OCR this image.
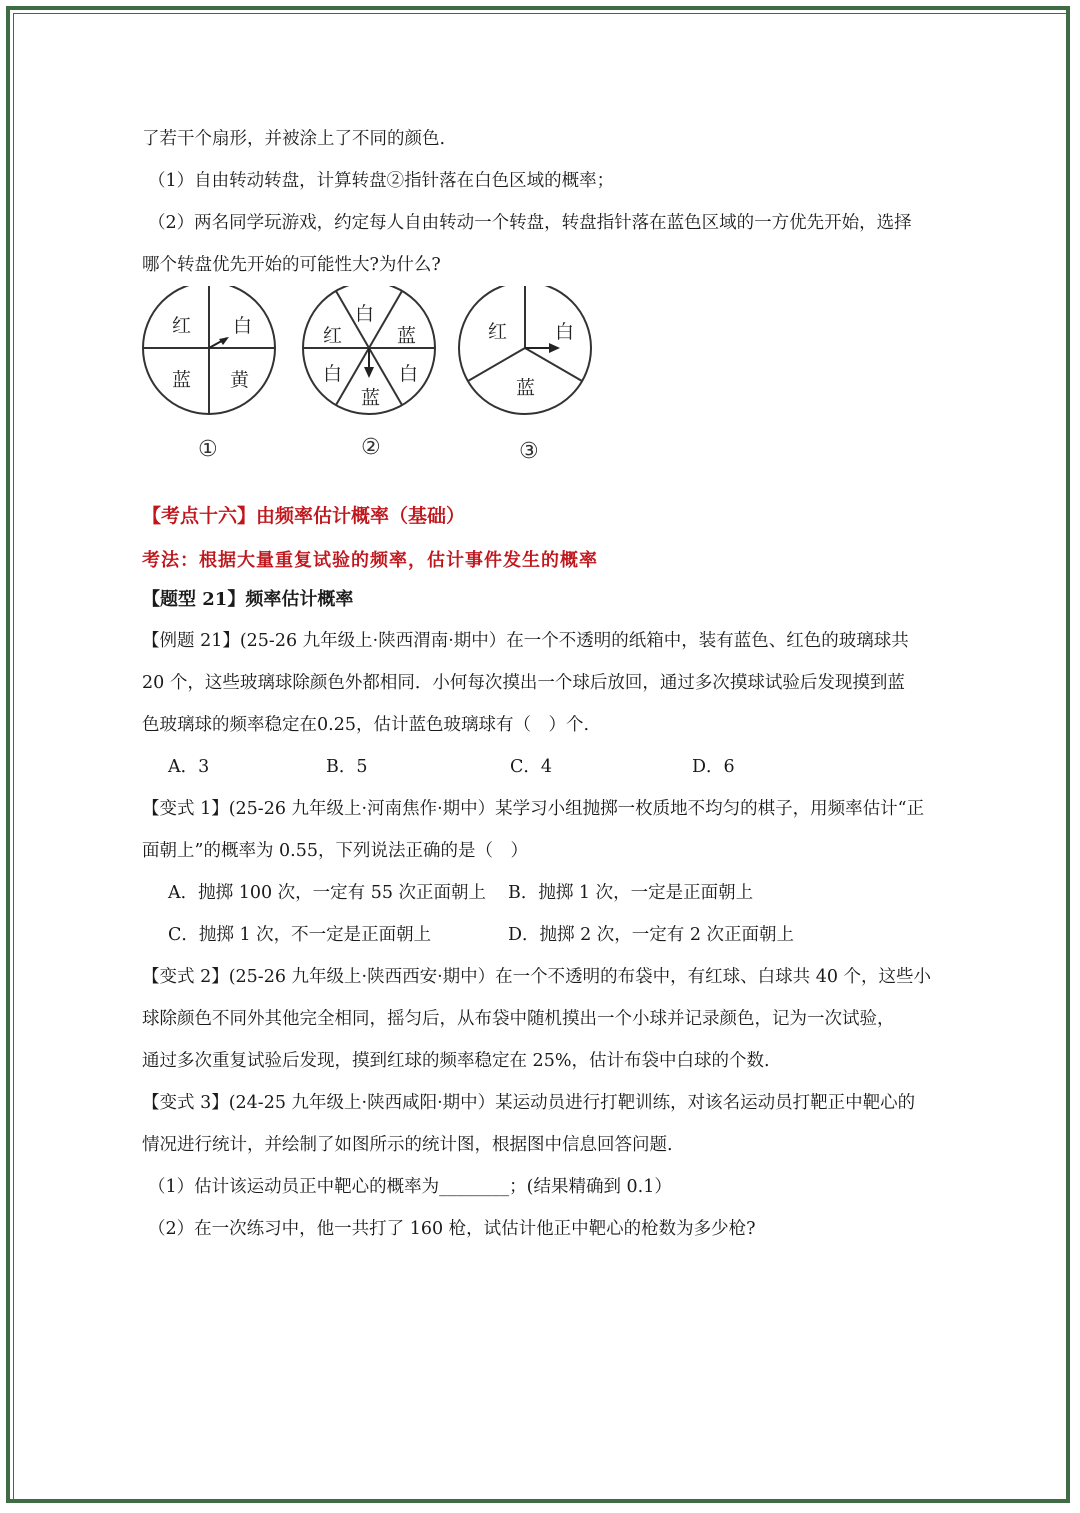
了若干个扇形，并被涂上了不同的颜色.
（1）自由转动转盘，计算转盘②指针落在白色区域的概率；
（2）两名同学玩游戏，约定每人自由转动一个转盘，转盘指针落在蓝色区域的一方优先开始，选择
哪个转盘优先开始的可能性大?为什么?
红 白
蓝 黄
①
白
红	蓝
白	白
蓝
②
红	白
蓝
③
【考点十六】由频率估计概率（基础）
考法：根据大量重复试验的频率，估计事件发生的概率
【题型 21】频率估计概率
【例题 21】(25-26 九年级上·陕西渭南·期中）在一个不透明的纸箱中，装有蓝色、红色的玻璃球共
20 个，这些玻璃球除颜色外都相同．小何每次摸出一个球后放回，通过多次摸球试验后发现摸到蓝
色玻璃球的频率稳定在0.25，估计蓝色玻璃球有（　）个.
A．3	B．5	C．4	D．6
【变式 1】(25-26 九年级上·河南焦作·期中）某学习小组抛掷一枚质地不均匀的棋子，用频率估计“正
面朝上”的概率为 0.55，下列说法正确的是（　）
A．抛掷 100 次，一定有 55 次正面朝上	B．抛掷 1 次，一定是正面朝上
C．抛掷 1 次，不一定是正面朝上	D．抛掷 2 次，一定有 2 次正面朝上
【变式 2】(25-26 九年级上·陕西西安·期中）在一个不透明的布袋中，有红球、白球共 40 个，这些小
球除颜色不同外其他完全相同，摇匀后，从布袋中随机摸出一个小球并记录颜色，记为一次试验，
通过多次重复试验后发现，摸到红球的频率稳定在 25%，估计布袋中白球的个数.
【变式 3】(24-25 九年级上·陕西咸阳·期中）某运动员进行打靶训练，对该名运动员打靶正中靶心的
情况进行统计，并绘制了如图所示的统计图，根据图中信息回答问题.
（1）估计该运动员正中靶心的概率为________；(结果精确到 0.1）
（2）在一次练习中，他一共打了 160 枪，试估计他正中靶心的枪数为多少枪?
